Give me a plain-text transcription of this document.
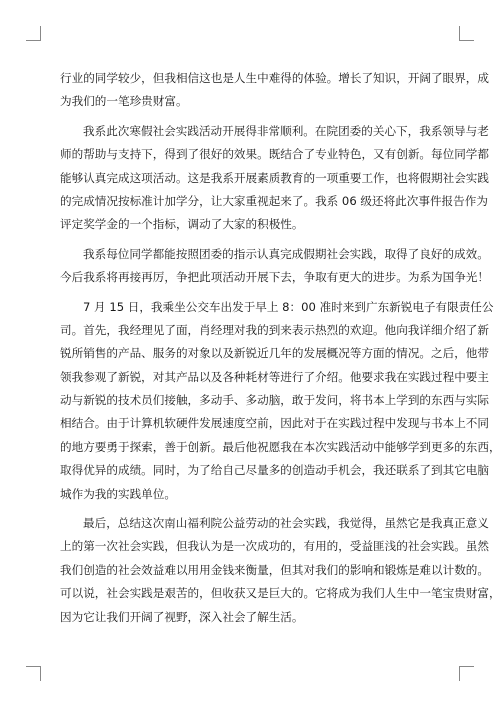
行业的同学较少，但我相信这也是人生中难得的体验。增长了知识，开阔了眼界，成
为我们的一笔珍贵财富。
我系此次寒假社会实践活动开展得非常顺利。在院团委的关心下，我系领导与老
师的帮助与支持下，得到了很好的效果。既结合了专业特色，又有创新。每位同学都
能够认真完成这项活动。这是我系开展素质教育的一项重要工作，也将假期社会实践
的完成情况按标准计加学分，让大家重视起来了。我系 06 级还将此次事件报告作为
评定奖学金的一个指标，调动了大家的积极性。
我系每位同学都能按照团委的指示认真完成假期社会实践，取得了良好的成效。
今后我系将再接再厉，争把此项活动开展下去，争取有更大的进步。为系为国争光！
7 月 15 日，我乘坐公交车出发于早上 8：00 准时来到广东新锐电子有限责任公
司。首先，我经理见了面，肖经理对我的到来表示热烈的欢迎。他向我详细介绍了新
锐所销售的产品、服务的对象以及新锐近几年的发展概况等方面的情况。之后，他带
领我参观了新锐，对其产品以及各种耗材等进行了介绍。他要求我在实践过程中要主
动与新锐的技术员们接触，多动手、多动脑，敢于发问，将书本上学到的东西与实际
相结合。由于计算机软硬件发展速度空前，因此对于在实践过程中发现与书本上不同
的地方要勇于探索，善于创新。最后他祝愿我在本次实践活动中能够学到更多的东西，
取得优异的成绩。同时，为了给自己尽量多的创造动手机会，我还联系了到其它电脑
城作为我的实践单位。
最后，总结这次南山福利院公益劳动的社会实践，我觉得，虽然它是我真正意义
上的第一次社会实践，但我认为是一次成功的，有用的，受益匪浅的社会实践。虽然
我们创造的社会效益难以用用金钱来衡量，但其对我们的影响和锻炼是难以计数的。
可以说，社会实践是艰苦的，但收获又是巨大的。它将成为我们人生中一笔宝贵财富，
因为它让我们开阔了视野，深入社会了解生活。
